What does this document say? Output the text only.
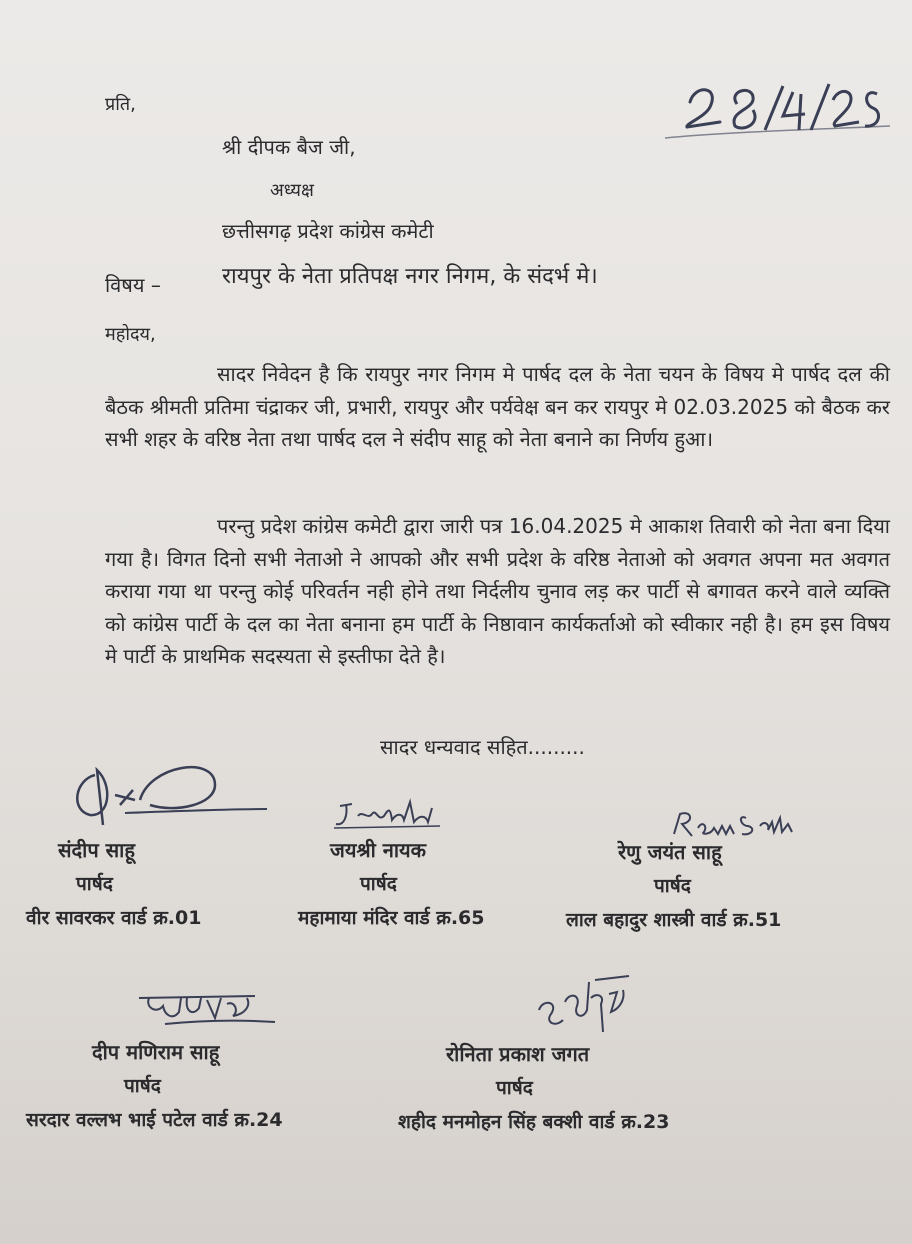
प्रति,
श्री दीपक बैज जी,
अध्यक्ष
छत्तीसगढ़ प्रदेश कांग्रेस कमेटी
विषय –	रायपुर के नेता प्रतिपक्ष नगर निगम, के संदर्भ मे।
महोदय,
सादर निवेदन है कि रायपुर नगर निगम मे पार्षद दल के नेता चयन के विषय मे पार्षद दल की बैठक श्रीमती प्रतिमा चंद्राकर जी, प्रभारी, रायपुर और पर्यवेक्ष बन कर रायपुर मे 02.03.2025 को बैठक कर सभी शहर के वरिष्ठ नेता तथा पार्षद दल ने संदीप साहू को नेता बनाने का निर्णय हुआ।
परन्तु प्रदेश कांग्रेस कमेटी द्वारा जारी पत्र 16.04.2025 मे आकाश तिवारी को नेता बना दिया गया है। विगत दिनो सभी नेताओ ने आपको और सभी प्रदेश के वरिष्ठ नेताओ को अवगत अपना मत अवगत कराया गया था परन्तु कोई परिवर्तन नही होने तथा निर्दलीय चुनाव लड़ कर पार्टी से बगावत करने वाले व्यक्ति को कांग्रेस पार्टी के दल का नेता बनाना हम पार्टी के निष्ठावान कार्यकर्ताओ को स्वीकार नही है। हम इस विषय मे पार्टी के प्राथमिक सदस्यता से इस्तीफा देते है।
सादर धन्यवाद सहित.........
संदीप साहू
पार्षद
वीर सावरकर वार्ड क्र.01
जयश्री नायक
पार्षद
महामाया मंदिर वार्ड क्र.65
रेणु जयंत साहू
पार्षद
लाल बहादुर शास्त्री वार्ड क्र.51
दीप मणिराम साहू
पार्षद
सरदार वल्लभ भाई पटेल वार्ड क्र.24
रोनिता प्रकाश जगत
पार्षद
शहीद मनमोहन सिंह बक्शी वार्ड क्र.23
